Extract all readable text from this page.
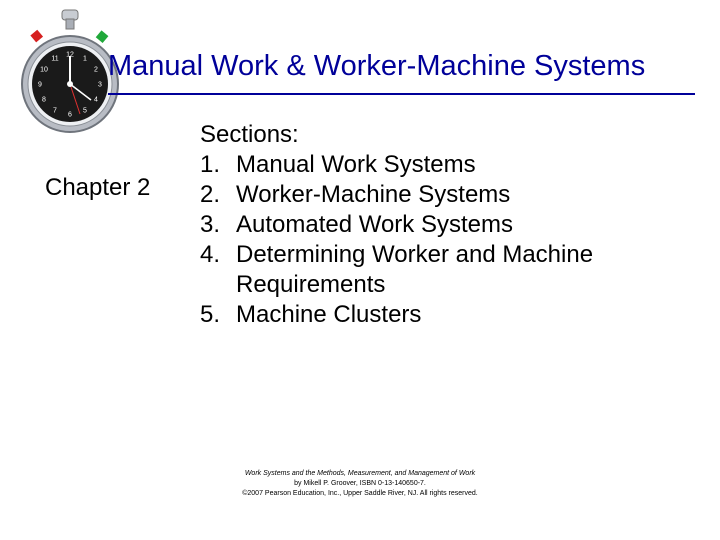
12
1
2
3
4
5
6
7
8
9
10
11 Manual Work & Worker-Machine Systems
Chapter 2
Sections:
1. Manual Work Systems
2. Worker-Machine Systems
3. Automated Work Systems
4. Determining Worker and Machine Requirements
5. Machine Clusters
Work Systems and the Methods, Measurement, and Management of Work
by Mikell P. Groover, ISBN 0-13-140650-7.
©2007 Pearson Education, Inc., Upper Saddle River, NJ. All rights reserved.
